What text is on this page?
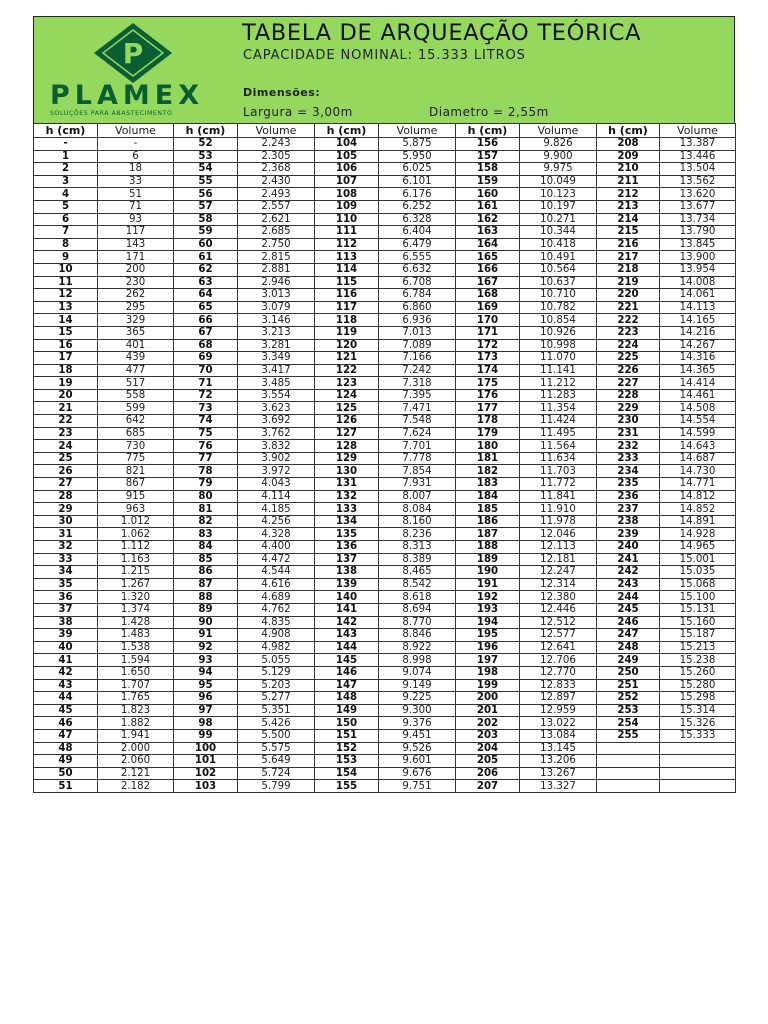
P
PLAMEX
SOLUÇÕES PARA ABASTECIMENTO
TABELA DE ARQUEAÇÃO TEÓRICA
CAPACIDADE NOMINAL: 15.333 LITROS
Dimensões:
Largura = 3,00m	Diametro = 2,55m
h (cm)	Volume	h (cm)	Volume	h (cm)	Volume	h (cm)	Volume	h (cm)	Volume
-	-	52	2.243	104	5.875	156	9.826	208	13.387
1	6	53	2.305	105	5.950	157	9.900	209	13.446
2	18	54	2.368	106	6.025	158	9.975	210	13.504
3	33	55	2.430	107	6.101	159	10.049	211	13.562
4	51	56	2.493	108	6.176	160	10.123	212	13.620
5	71	57	2.557	109	6.252	161	10.197	213	13.677
6	93	58	2.621	110	6.328	162	10.271	214	13.734
7	117	59	2.685	111	6.404	163	10.344	215	13.790
8	143	60	2.750	112	6.479	164	10.418	216	13.845
9	171	61	2.815	113	6.555	165	10.491	217	13.900
10	200	62	2.881	114	6.632	166	10.564	218	13.954
11	230	63	2.946	115	6.708	167	10.637	219	14.008
12	262	64	3.013	116	6.784	168	10.710	220	14.061
13	295	65	3.079	117	6.860	169	10.782	221	14.113
14	329	66	3.146	118	6.936	170	10.854	222	14.165
15	365	67	3.213	119	7.013	171	10.926	223	14.216
16	401	68	3.281	120	7.089	172	10.998	224	14.267
17	439	69	3.349	121	7.166	173	11.070	225	14.316
18	477	70	3.417	122	7.242	174	11.141	226	14.365
19	517	71	3.485	123	7.318	175	11.212	227	14.414
20	558	72	3.554	124	7.395	176	11.283	228	14.461
21	599	73	3.623	125	7.471	177	11.354	229	14.508
22	642	74	3.692	126	7.548	178	11.424	230	14.554
23	685	75	3.762	127	7.624	179	11.495	231	14.599
24	730	76	3.832	128	7.701	180	11.564	232	14.643
25	775	77	3.902	129	7.778	181	11.634	233	14.687
26	821	78	3.972	130	7.854	182	11.703	234	14.730
27	867	79	4.043	131	7.931	183	11.772	235	14.771
28	915	80	4.114	132	8.007	184	11.841	236	14.812
29	963	81	4.185	133	8.084	185	11.910	237	14.852
30	1.012	82	4.256	134	8.160	186	11.978	238	14.891
31	1.062	83	4.328	135	8.236	187	12.046	239	14.928
32	1.112	84	4.400	136	8.313	188	12.113	240	14.965
33	1.163	85	4.472	137	8.389	189	12.181	241	15.001
34	1.215	86	4.544	138	8.465	190	12.247	242	15.035
35	1.267	87	4.616	139	8.542	191	12.314	243	15.068
36	1.320	88	4.689	140	8.618	192	12.380	244	15.100
37	1.374	89	4.762	141	8.694	193	12.446	245	15.131
38	1.428	90	4.835	142	8.770	194	12.512	246	15.160
39	1.483	91	4.908	143	8.846	195	12.577	247	15.187
40	1.538	92	4.982	144	8.922	196	12.641	248	15.213
41	1.594	93	5.055	145	8.998	197	12.706	249	15.238
42	1.650	94	5.129	146	9.074	198	12.770	250	15.260
43	1.707	95	5.203	147	9.149	199	12.833	251	15.280
44	1.765	96	5.277	148	9.225	200	12.897	252	15.298
45	1.823	97	5.351	149	9.300	201	12.959	253	15.314
46	1.882	98	5.426	150	9.376	202	13.022	254	15.326
47	1.941	99	5.500	151	9.451	203	13.084	255	15.333
48	2.000	100	5.575	152	9.526	204	13.145		
49	2.060	101	5.649	153	9.601	205	13.206		
50	2.121	102	5.724	154	9.676	206	13.267		
51	2.182	103	5.799	155	9.751	207	13.327		
